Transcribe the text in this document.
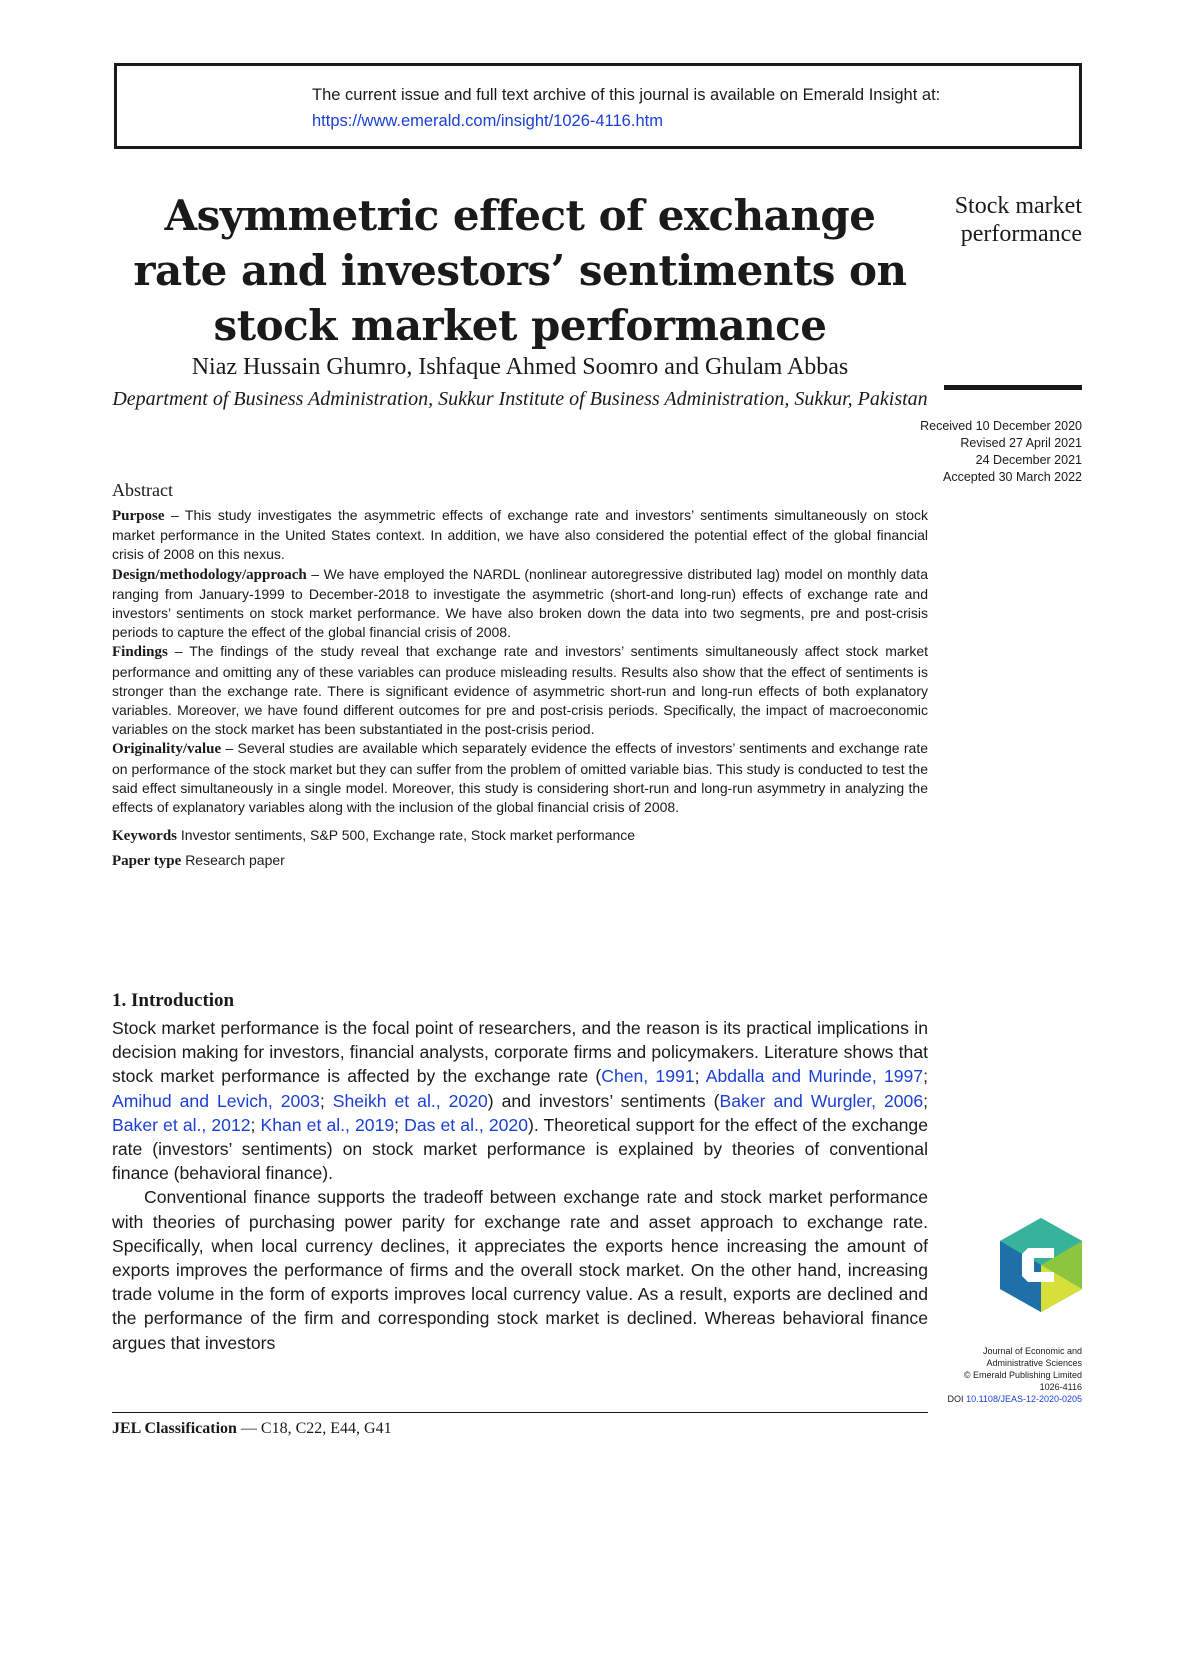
The current issue and full text archive of this journal is available on Emerald Insight at:
https://www.emerald.com/insight/1026-4116.htm
Asymmetric effect of exchange rate and investors’ sentiments on stock market performance
Stock market
performance
Niaz Hussain Ghumro, Ishfaque Ahmed Soomro and Ghulam Abbas
Department of Business Administration, Sukkur Institute of Business Administration, Sukkur, Pakistan
Received 10 December 2020
Revised 27 April 2021
24 December 2021
Accepted 30 March 2022
Abstract

Purpose – This study investigates the asymmetric effects of exchange rate and investors’ sentiments simultaneously on stock market performance in the United States context. In addition, we have also considered the potential effect of the global financial crisis of 2008 on this nexus.

Design/methodology/approach – We have employed the NARDL (nonlinear autoregressive distributed lag) model on monthly data ranging from January-1999 to December-2018 to investigate the asymmetric (short-and long-run) effects of exchange rate and investors’ sentiments on stock market performance. We have also broken down the data into two segments, pre and post-crisis periods to capture the effect of the global financial crisis of 2008.

Findings – The findings of the study reveal that exchange rate and investors’ sentiments simultaneously affect stock market performance and omitting any of these variables can produce misleading results. Results also show that the effect of sentiments is stronger than the exchange rate. There is significant evidence of asymmetric short-run and long-run effects of both explanatory variables. Moreover, we have found different outcomes for pre and post-crisis periods. Specifically, the impact of macroeconomic variables on the stock market has been substantiated in the post-crisis period.

Originality/value – Several studies are available which separately evidence the effects of investors’ sentiments and exchange rate on performance of the stock market but they can suffer from the problem of omitted variable bias. This study is conducted to test the said effect simultaneously in a single model. Moreover, this study is considering short-run and long-run asymmetry in analyzing the effects of explanatory variables along with the inclusion of the global financial crisis of 2008.

Keywords Investor sentiments, S&P 500, Exchange rate, Stock market performance
Paper type Research paper
1. Introduction

Stock market performance is the focal point of researchers, and the reason is its practical implications in decision making for investors, financial analysts, corporate firms and policymakers. Literature shows that stock market performance is affected by the exchange rate (Chen, 1991; Abdalla and Murinde, 1997; Amihud and Levich, 2003; Sheikh et al., 2020) and investors’ sentiments (Baker and Wurgler, 2006; Baker et al., 2012; Khan et al., 2019; Das et al., 2020). Theoretical support for the effect of the exchange rate (investors’ sentiments) on stock market performance is explained by theories of conventional finance (behavioral finance).

Conventional finance supports the tradeoff between exchange rate and stock market performance with theories of purchasing power parity for exchange rate and asset approach to exchange rate. Specifically, when local currency declines, it appreciates the exports hence increasing the amount of exports improves the performance of firms and the overall stock market. On the other hand, increasing trade volume in the form of exports improves local currency value. As a result, exports are declined and the performance of the firm and corresponding stock market is declined. Whereas behavioral finance argues that investors	Journal of Economic and
Administrative Sciences
© Emerald Publishing Limited
1026-4116
DOI 10.1108/JEAS-12-2020-0205
JEL Classification — C18, C22, E44, G41
